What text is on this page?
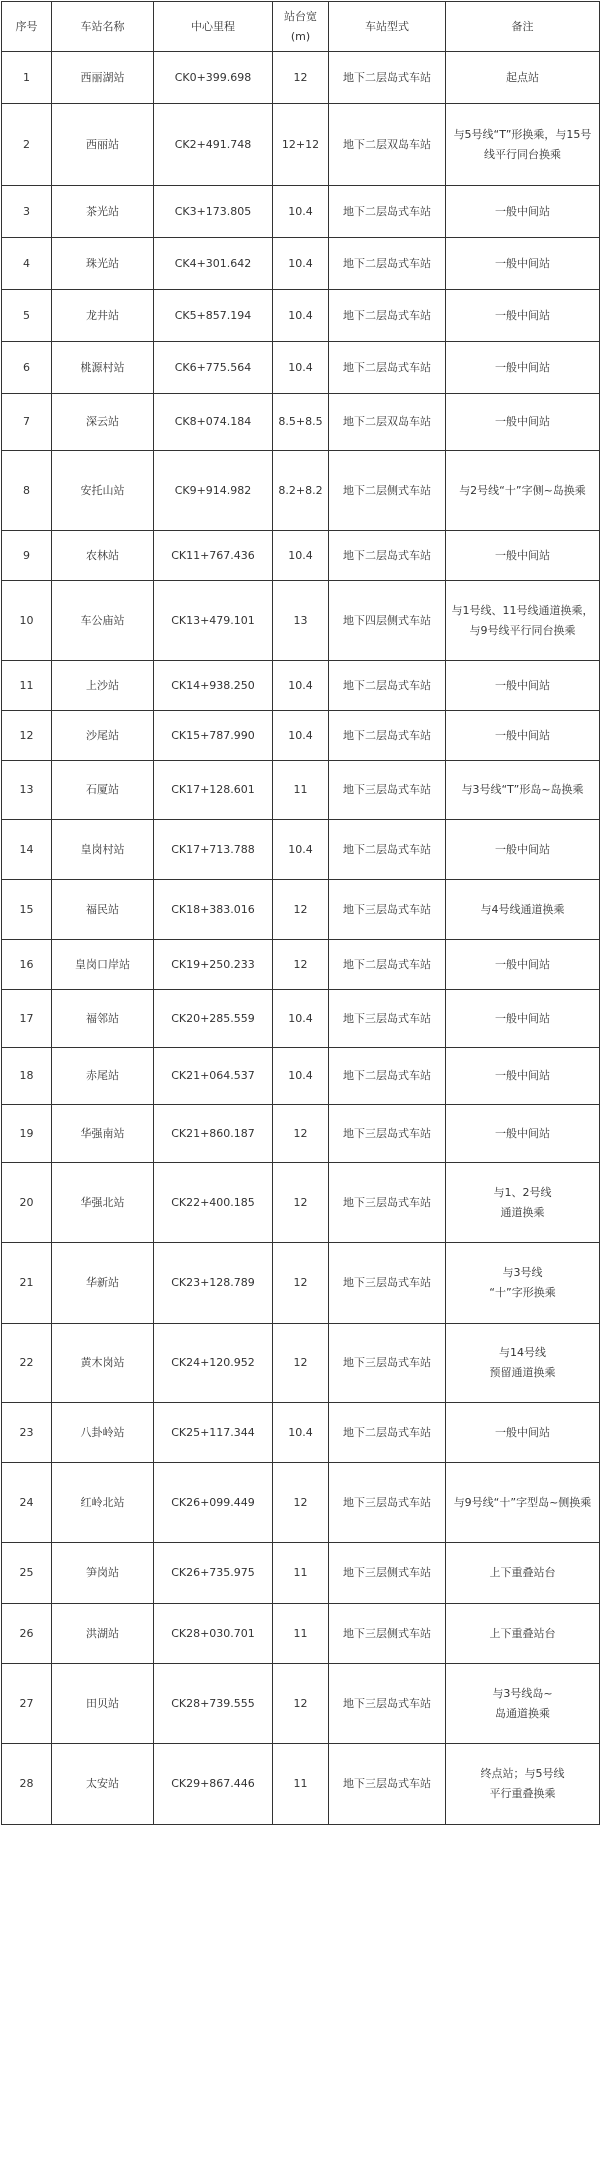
序号	车站名称	中心里程	站台宽(m)	车站型式	备注
1	西丽湖站	CK0+399.698	12	地下二层岛式车站	起点站
2	西丽站	CK2+491.748	12+12	地下二层双岛车站	与5号线“T”形换乘，与15号线平行同台换乘
3	茶光站	CK3+173.805	10.4	地下二层岛式车站	一般中间站
4	珠光站	CK4+301.642	10.4	地下二层岛式车站	一般中间站
5	龙井站	CK5+857.194	10.4	地下二层岛式车站	一般中间站
6	桃源村站	CK6+775.564	10.4	地下二层岛式车站	一般中间站
7	深云站	CK8+074.184	8.5+8.5	地下二层双岛车站	一般中间站
8	安托山站	CK9+914.982	8.2+8.2	地下二层侧式车站	与2号线“十”字侧~岛换乘
9	农林站	CK11+767.436	10.4	地下二层岛式车站	一般中间站
10	车公庙站	CK13+479.101	13	地下四层侧式车站	与1号线、11号线通道换乘，与9号线平行同台换乘
11	上沙站	CK14+938.250	10.4	地下二层岛式车站	一般中间站
12	沙尾站	CK15+787.990	10.4	地下二层岛式车站	一般中间站
13	石厦站	CK17+128.601	11	地下三层岛式车站	与3号线“T”形岛~岛换乘
14	皇岗村站	CK17+713.788	10.4	地下二层岛式车站	一般中间站
15	福民站	CK18+383.016	12	地下三层岛式车站	与4号线通道换乘
16	皇岗口岸站	CK19+250.233	12	地下二层岛式车站	一般中间站
17	福邻站	CK20+285.559	10.4	地下三层岛式车站	一般中间站
18	赤尾站	CK21+064.537	10.4	地下二层岛式车站	一般中间站
19	华强南站	CK21+860.187	12	地下三层岛式车站	一般中间站
20	华强北站	CK22+400.185	12	地下三层岛式车站	与1、2号线
通道换乘
21	华新站	CK23+128.789	12	地下三层岛式车站	与3号线
“十”字形换乘
22	黄木岗站	CK24+120.952	12	地下三层岛式车站	与14号线
预留通道换乘
23	八卦岭站	CK25+117.344	10.4	地下二层岛式车站	一般中间站
24	红岭北站	CK26+099.449	12	地下三层岛式车站	与9号线“十”字型岛~侧换乘
25	笋岗站	CK26+735.975	11	地下三层侧式车站	上下重叠站台
26	洪湖站	CK28+030.701	11	地下三层侧式车站	上下重叠站台
27	田贝站	CK28+739.555	12	地下三层岛式车站	与3号线岛~
岛通道换乘
28	太安站	CK29+867.446	11	地下三层岛式车站	终点站；与5号线
平行重叠换乘
